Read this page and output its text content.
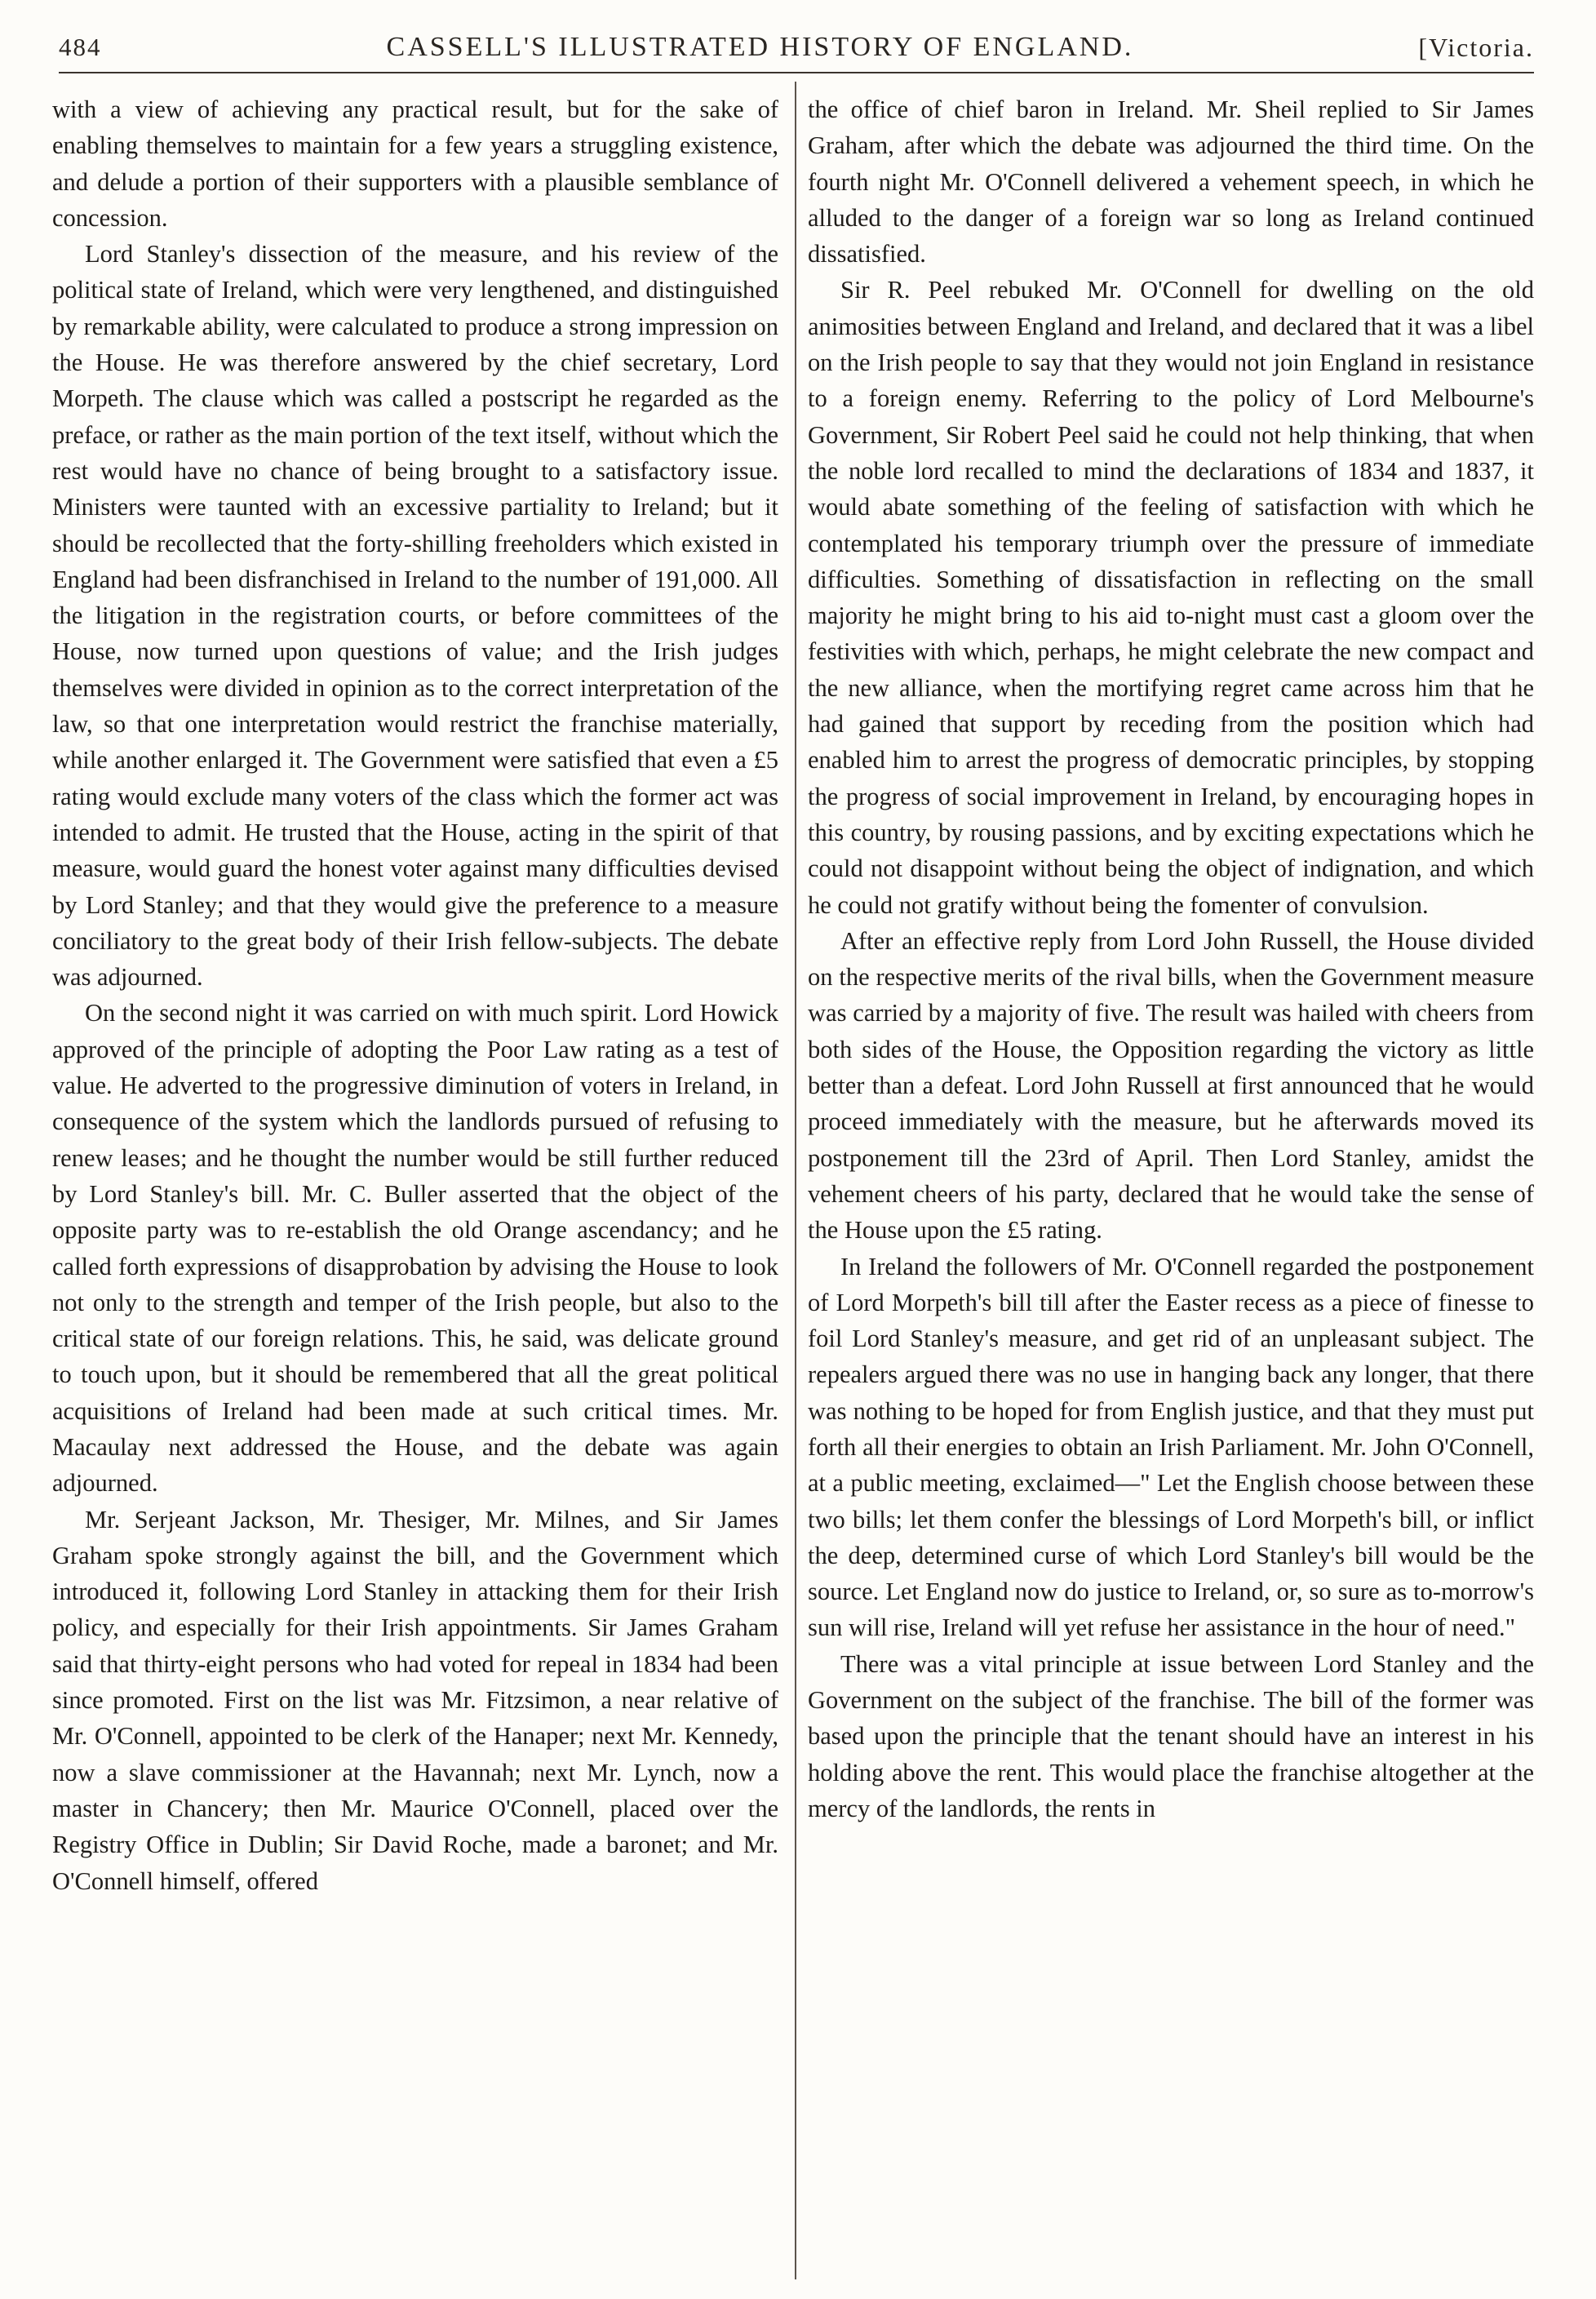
484	CASSELL'S ILLUSTRATED HISTORY OF ENGLAND.	[Victoria.

with a view of achieving any practical result, but for the sake of enabling themselves to maintain for a few years a struggling existence, and delude a portion of their supporters with a plausible semblance of concession.

Lord Stanley's dissection of the measure, and his review of the political state of Ireland, which were very lengthened, and distinguished by remarkable ability, were calculated to produce a strong impression on the House. He was therefore answered by the chief secretary, Lord Morpeth. The clause which was called a postscript he regarded as the preface, or rather as the main portion of the text itself, without which the rest would have no chance of being brought to a satisfactory issue. Ministers were taunted with an excessive partiality to Ireland; but it should be recollected that the forty-shilling freeholders which existed in England had been disfranchised in Ireland to the number of 191,000. All the litigation in the registration courts, or before committees of the House, now turned upon questions of value; and the Irish judges themselves were divided in opinion as to the correct interpretation of the law, so that one interpretation would restrict the franchise materially, while another enlarged it. The Government were satisfied that even a £5 rating would exclude many voters of the class which the former act was intended to admit. He trusted that the House, acting in the spirit of that measure, would guard the honest voter against many difficulties devised by Lord Stanley; and that they would give the preference to a measure conciliatory to the great body of their Irish fellow-subjects. The debate was adjourned.

On the second night it was carried on with much spirit. Lord Howick approved of the principle of adopting the Poor Law rating as a test of value. He adverted to the progressive diminution of voters in Ireland, in consequence of the system which the landlords pursued of refusing to renew leases; and he thought the number would be still further reduced by Lord Stanley's bill. Mr. C. Buller asserted that the object of the opposite party was to re-establish the old Orange ascendancy; and he called forth expressions of disapprobation by advising the House to look not only to the strength and temper of the Irish people, but also to the critical state of our foreign relations. This, he said, was delicate ground to touch upon, but it should be remembered that all the great political acquisitions of Ireland had been made at such critical times. Mr. Macaulay next addressed the House, and the debate was again adjourned.

Mr. Serjeant Jackson, Mr. Thesiger, Mr. Milnes, and Sir James Graham spoke strongly against the bill, and the Government which introduced it, following Lord Stanley in attacking them for their Irish policy, and especially for their Irish appointments. Sir James Graham said that thirty-eight persons who had voted for repeal in 1834 had been since promoted. First on the list was Mr. Fitzsimon, a near relative of Mr. O'Connell, appointed to be clerk of the Hanaper; next Mr. Kennedy, now a slave commissioner at the Havannah; next Mr. Lynch, now a master in Chancery; then Mr. Maurice O'Connell, placed over the Registry Office in Dublin; Sir David Roche, made a baronet; and Mr. O'Connell himself, offered

the office of chief baron in Ireland. Mr. Sheil replied to Sir James Graham, after which the debate was adjourned the third time. On the fourth night Mr. O'Connell delivered a vehement speech, in which he alluded to the danger of a foreign war so long as Ireland continued dissatisfied.

Sir R. Peel rebuked Mr. O'Connell for dwelling on the old animosities between England and Ireland, and declared that it was a libel on the Irish people to say that they would not join England in resistance to a foreign enemy. Referring to the policy of Lord Melbourne's Government, Sir Robert Peel said he could not help thinking, that when the noble lord recalled to mind the declarations of 1834 and 1837, it would abate something of the feeling of satisfaction with which he contemplated his temporary triumph over the pressure of immediate difficulties. Something of dissatisfaction in reflecting on the small majority he might bring to his aid to-night must cast a gloom over the festivities with which, perhaps, he might celebrate the new compact and the new alliance, when the mortifying regret came across him that he had gained that support by receding from the position which had enabled him to arrest the progress of democratic principles, by stopping the progress of social improvement in Ireland, by encouraging hopes in this country, by rousing passions, and by exciting expectations which he could not disappoint without being the object of indignation, and which he could not gratify without being the fomenter of convulsion.

After an effective reply from Lord John Russell, the House divided on the respective merits of the rival bills, when the Government measure was carried by a majority of five. The result was hailed with cheers from both sides of the House, the Opposition regarding the victory as little better than a defeat. Lord John Russell at first announced that he would proceed immediately with the measure, but he afterwards moved its postponement till the 23rd of April. Then Lord Stanley, amidst the vehement cheers of his party, declared that he would take the sense of the House upon the £5 rating.

In Ireland the followers of Mr. O'Connell regarded the postponement of Lord Morpeth's bill till after the Easter recess as a piece of finesse to foil Lord Stanley's measure, and get rid of an unpleasant subject. The repealers argued there was no use in hanging back any longer, that there was nothing to be hoped for from English justice, and that they must put forth all their energies to obtain an Irish Parliament. Mr. John O'Connell, at a public meeting, exclaimed—" Let the English choose between these two bills; let them confer the blessings of Lord Morpeth's bill, or inflict the deep, determined curse of which Lord Stanley's bill would be the source. Let England now do justice to Ireland, or, so sure as to-morrow's sun will rise, Ireland will yet refuse her assistance in the hour of need."

There was a vital principle at issue between Lord Stanley and the Government on the subject of the franchise. The bill of the former was based upon the principle that the tenant should have an interest in his holding above the rent. This would place the franchise altogether at the mercy of the landlords, the rents in
